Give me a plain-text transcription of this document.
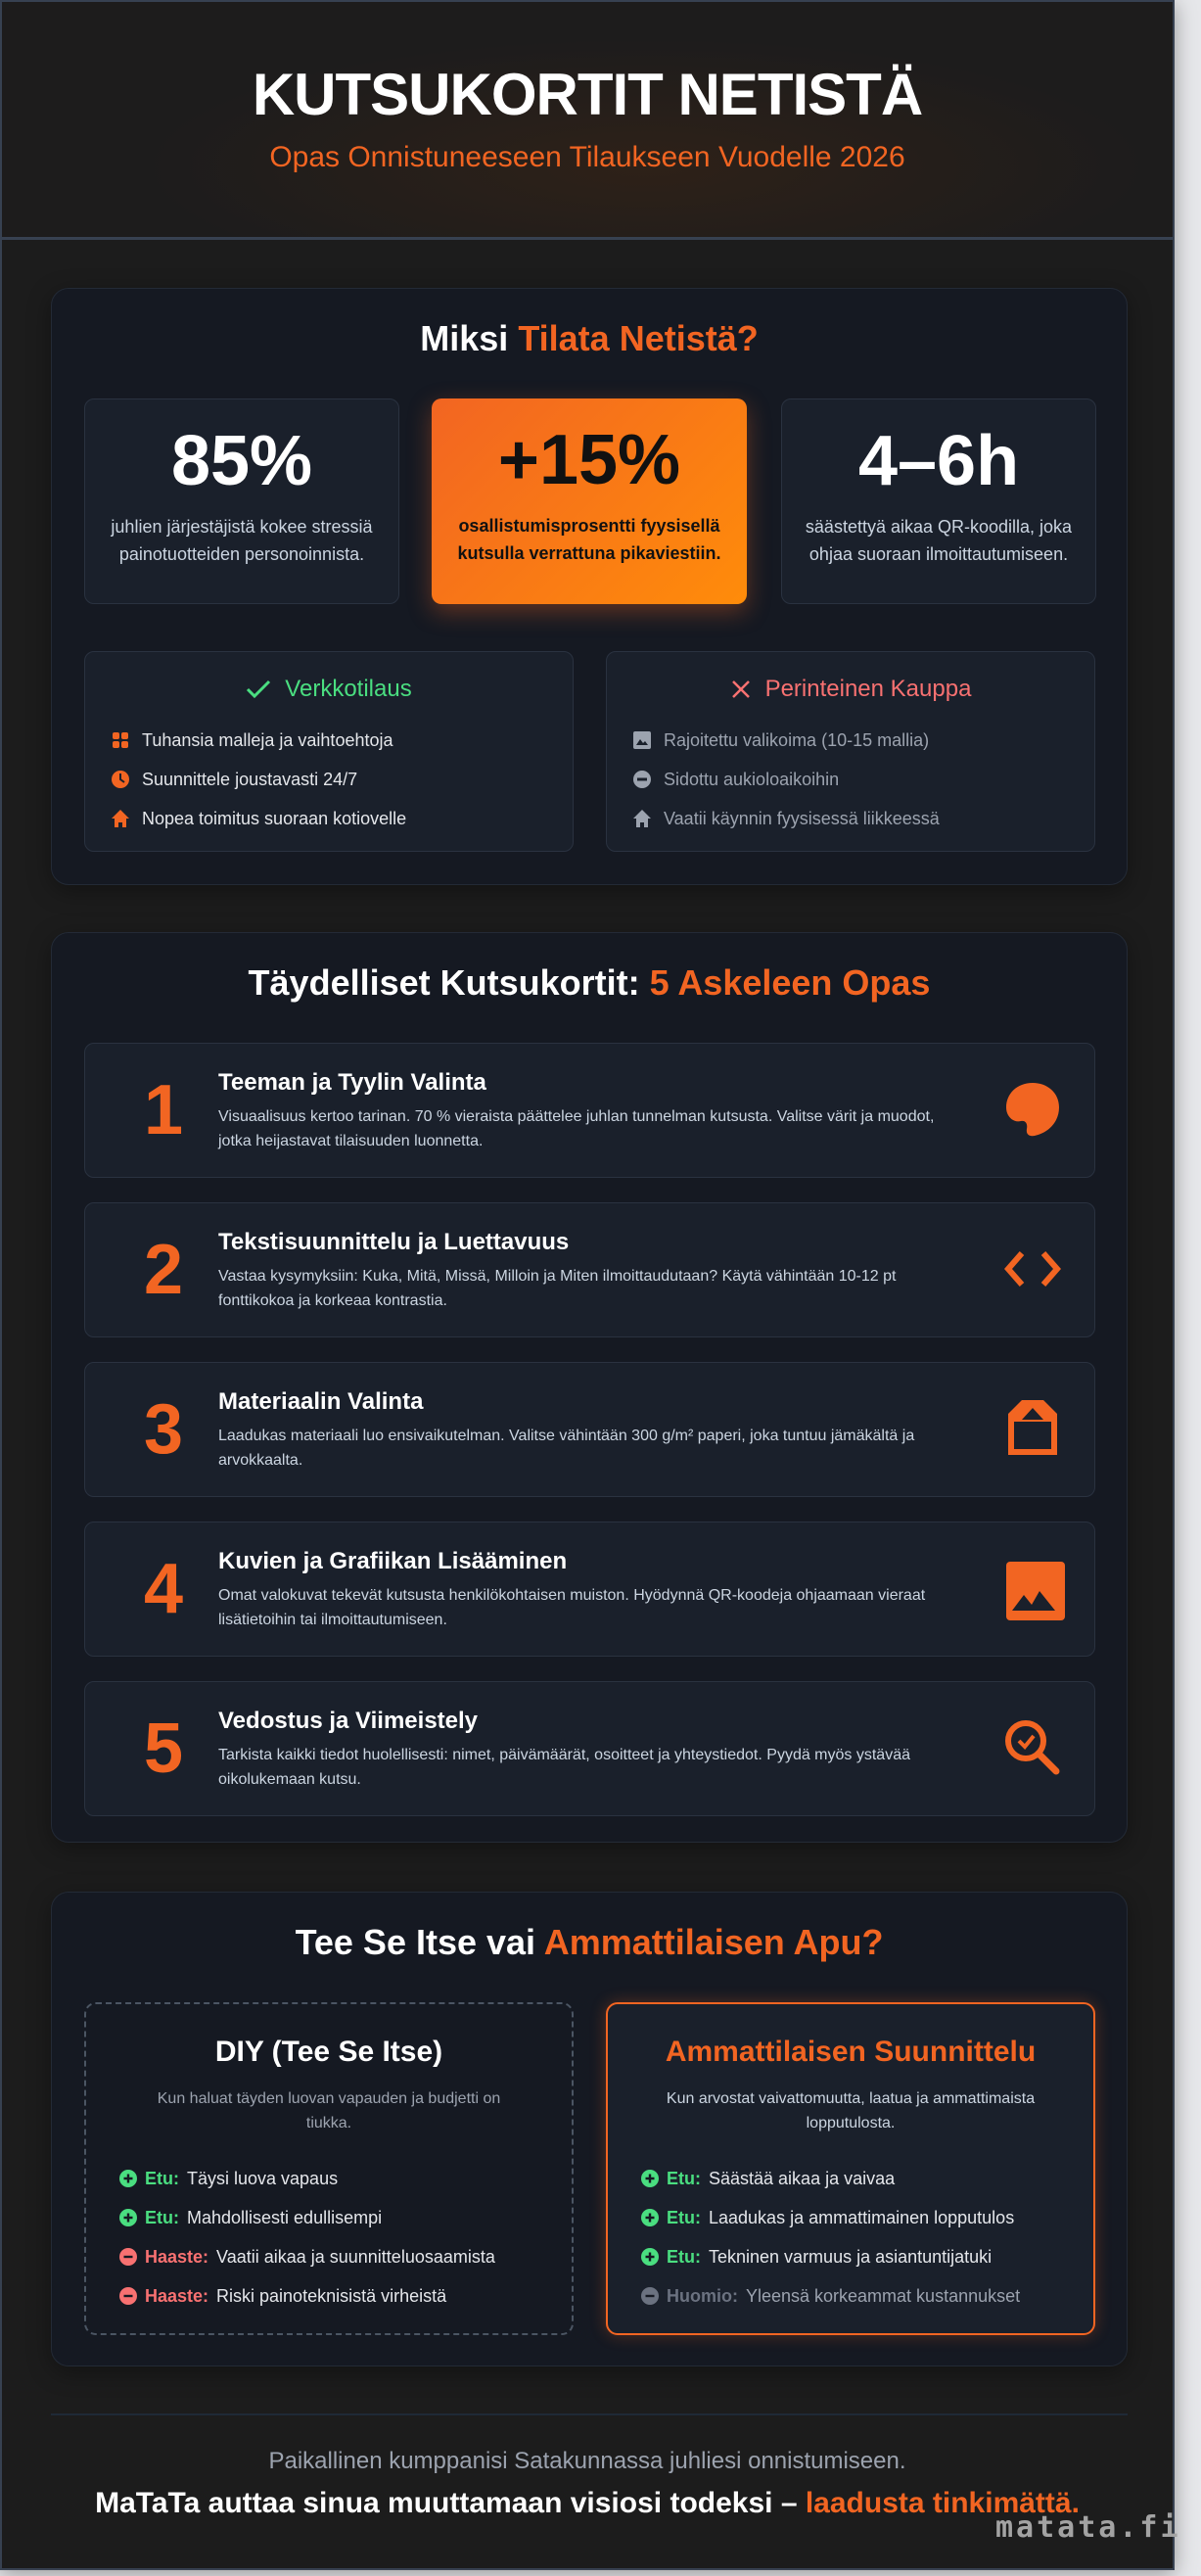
KUTSUKORTIT NETISTÄ
Opas Onnistuneeseen Tilaukseen Vuodelle 2026
Miksi Tilata Netistä?
85%
juhlien järjestäjistä kokee stressiä painotuotteiden personoinnista.
+15%
osallistumisprosentti fyysisellä kutsulla verrattuna pikaviestiin.
4–6h
säästettyä aikaa QR-koodilla, joka ohjaa suoraan ilmoittautumiseen.
Verkkotilaus
Tuhansia malleja ja vaihtoehtoja
Suunnittele joustavasti 24/7
Nopea toimitus suoraan kotiovelle
Perinteinen Kauppa
Rajoitettu valikoima (10-15 mallia)
Sidottu aukioloaikoihin
Vaatii käynnin fyysisessä liikkeessä
Täydelliset Kutsukortit: 5 Askeleen Opas
1	Teeman ja Tyylin Valinta
Visuaalisuus kertoo tarinan. 70 % vieraista päättelee juhlan tunnelman kutsusta. Valitse värit ja muodot, jotka heijastavat tilaisuuden luonnetta.
2	Tekstisuunnittelu ja Luettavuus
Vastaa kysymyksiin: Kuka, Mitä, Missä, Milloin ja Miten ilmoittaudutaan? Käytä vähintään 10-12 pt fonttikokoa ja korkeaa kontrastia.
3	Materiaalin Valinta
Laadukas materiaali luo ensivaikutelman. Valitse vähintään 300 g/m² paperi, joka tuntuu jämäkältä ja arvokkaalta.
4	Kuvien ja Grafiikan Lisääminen
Omat valokuvat tekevät kutsusta henkilökohtaisen muiston. Hyödynnä QR-koodeja ohjaamaan vieraat lisätietoihin tai ilmoittautumiseen.
5	Vedostus ja Viimeistely
Tarkista kaikki tiedot huolellisesti: nimet, päivämäärät, osoitteet ja yhteystiedot. Pyydä myös ystävää oikolukemaan kutsu.
Tee Se Itse vai Ammattilaisen Apu?
DIY (Tee Se Itse)
Kun haluat täyden luovan vapauden ja budjetti on tiukka.
Etu: Täysi luova vapaus
Etu: Mahdollisesti edullisempi
Haaste: Vaatii aikaa ja suunnitteluosaamista
Haaste: Riski painoteknisistä virheistä
Ammattilaisen Suunnittelu
Kun arvostat vaivattomuutta, laatua ja ammattimaista lopputulosta.
Etu: Säästää aikaa ja vaivaa
Etu: Laadukas ja ammattimainen lopputulos
Etu: Tekninen varmuus ja asiantuntijatuki
Huomio: Yleensä korkeammat kustannukset
Paikallinen kumppanisi Satakunnassa juhliesi onnistumiseen.
MaTaTa auttaa sinua muuttamaan visiosi todeksi – laadusta tinkimättä.
matata.fi
